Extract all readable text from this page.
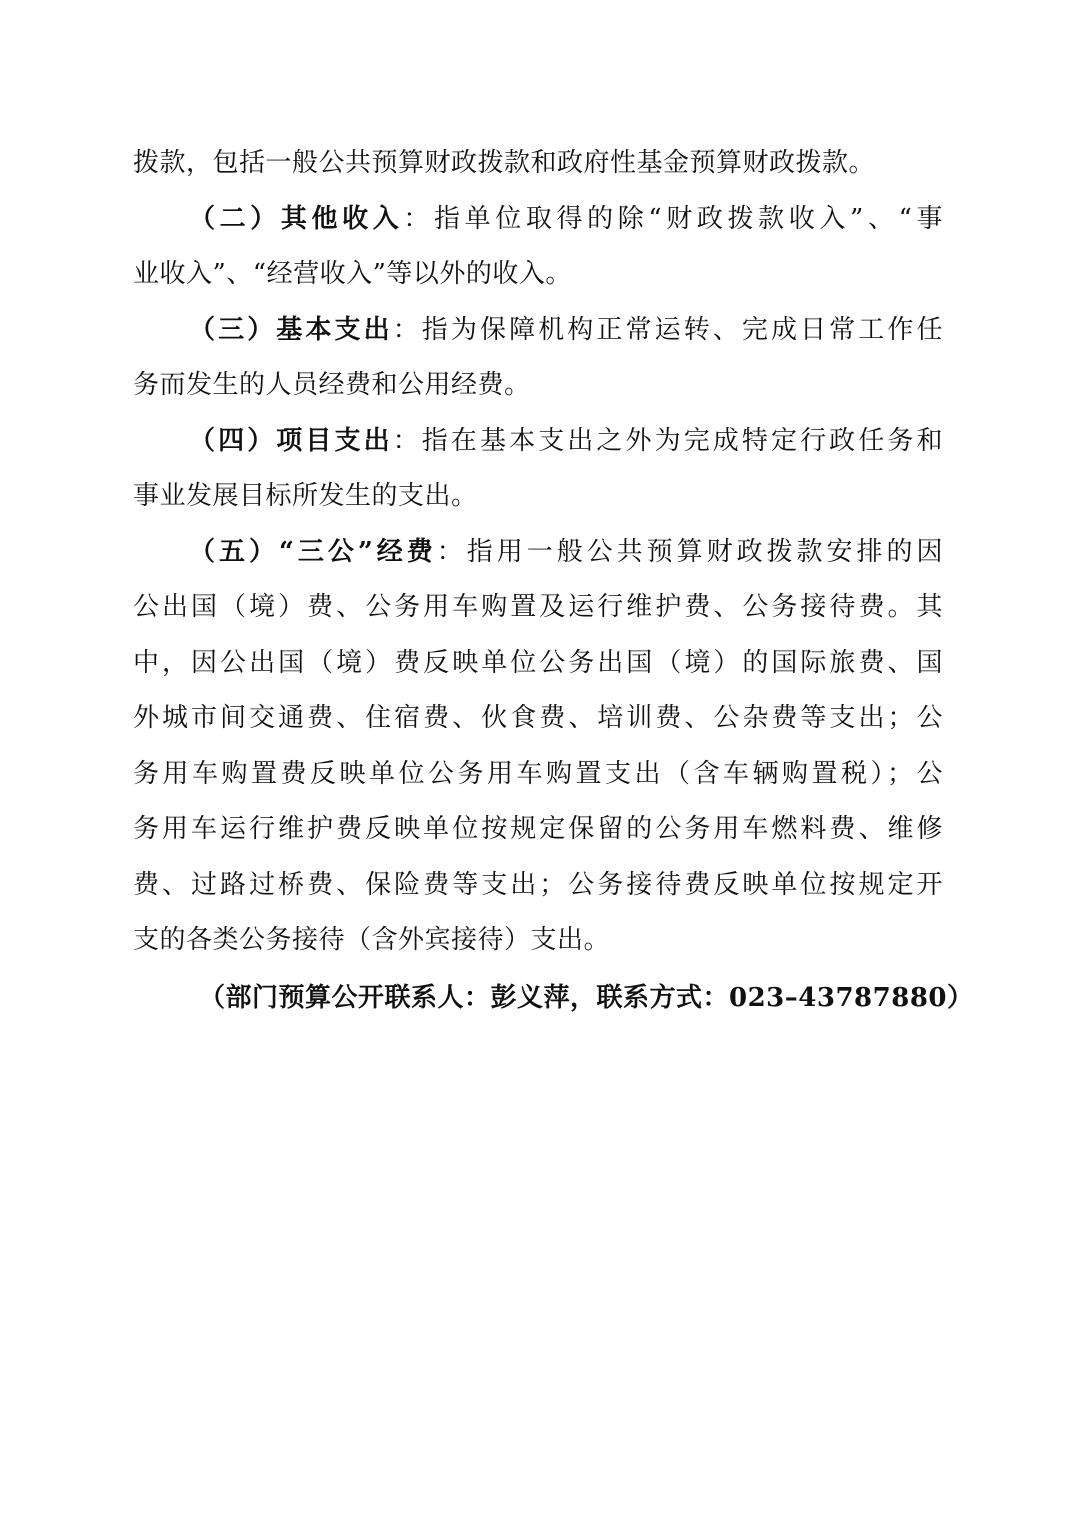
拨款，包括一般公共预算财政拨款和政府性基金预算财政拨款。
（二）其他收入：指单位取得的除“财政拨款收入”、“事
业收入”、“经营收入”等以外的收入。
（三）基本支出：指为保障机构正常运转、完成日常工作任
务而发生的人员经费和公用经费。
（四）项目支出：指在基本支出之外为完成特定行政任务和
事业发展目标所发生的支出。
（五）“三公”经费：指用一般公共预算财政拨款安排的因
公出国（境）费、公务用车购置及运行维护费、公务接待费。其
中，因公出国（境）费反映单位公务出国（境）的国际旅费、国
外城市间交通费、住宿费、伙食费、培训费、公杂费等支出；公
务用车购置费反映单位公务用车购置支出（含车辆购置税）；公
务用车运行维护费反映单位按规定保留的公务用车燃料费、维修
费、过路过桥费、保险费等支出；公务接待费反映单位按规定开
支的各类公务接待（含外宾接待）支出。
（部门预算公开联系人：彭义萍，联系方式：023–43787880）
